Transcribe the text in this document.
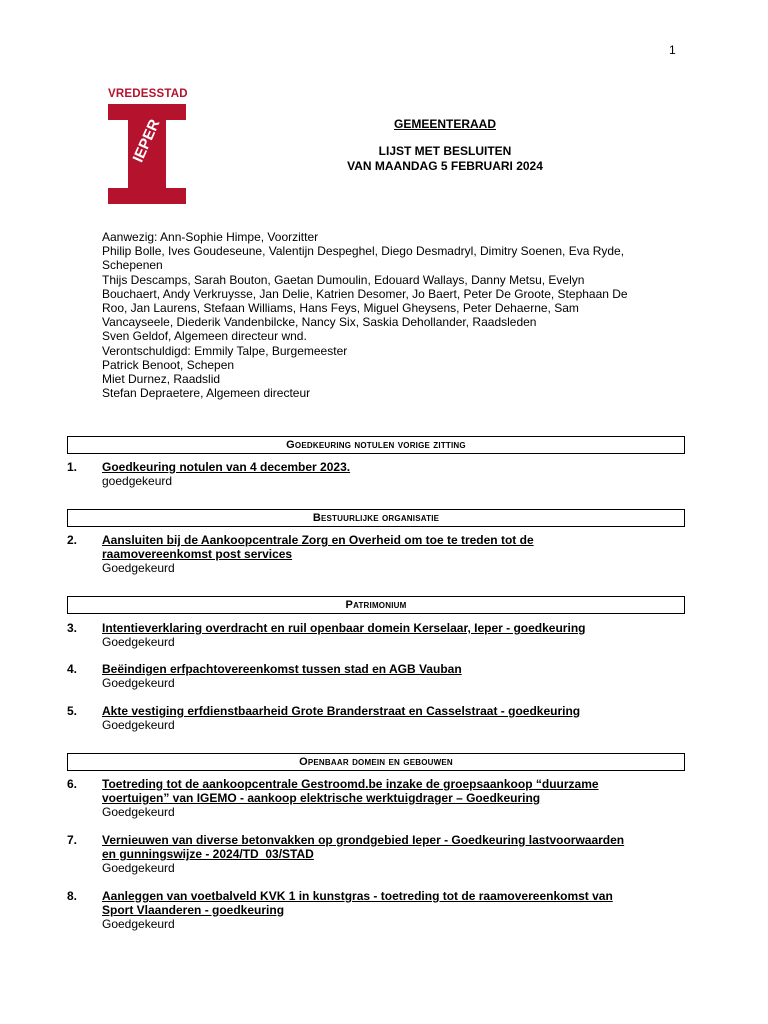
1
VREDESSTAD
IEPER	GEMEENTERAAD
LIJST MET BESLUITEN
VAN MAANDAG 5 FEBRUARI 2024
Aanwezig: Ann-Sophie Himpe, Voorzitter
Philip Bolle, Ives Goudeseune, Valentijn Despeghel, Diego Desmadryl, Dimitry Soenen, Eva Ryde,
Schepenen
Thijs Descamps, Sarah Bouton, Gaetan Dumoulin, Edouard Wallays, Danny Metsu, Evelyn
Bouchaert, Andy Verkruysse, Jan Delie, Katrien Desomer, Jo Baert, Peter De Groote, Stephaan De
Roo, Jan Laurens, Stefaan Williams, Hans Feys, Miguel Gheysens, Peter Dehaerne, Sam
Vancayseele, Diederik Vandenbilcke, Nancy Six, Saskia Dehollander, Raadsleden
Sven Geldof, Algemeen directeur wnd.
Verontschuldigd: Emmily Talpe, Burgemeester
Patrick Benoot, Schepen
Miet Durnez, Raadslid
Stefan Depraetere, Algemeen directeur
Goedkeuring notulen vorige zitting
1. Goedkeuring notulen van 4 december 2023.
goedgekeurd
Bestuurlijke organisatie
2. Aansluiten bij de Aankoopcentrale Zorg en Overheid om toe te treden tot de
raamovereenkomst post services
Goedgekeurd
Patrimonium
3. Intentieverklaring overdracht en ruil openbaar domein Kerselaar, Ieper - goedkeuring
Goedgekeurd
4. Beëindigen erfpachtovereenkomst tussen stad en AGB Vauban
Goedgekeurd
5. Akte vestiging erfdienstbaarheid Grote Branderstraat en Casselstraat - goedkeuring
Goedgekeurd
Openbaar domein en gebouwen
6. Toetreding tot de aankoopcentrale Gestroomd.be inzake de groepsaankoop “duurzame
voertuigen” van IGEMO - aankoop elektrische werktuigdrager – Goedkeuring
Goedgekeurd
7. Vernieuwen van diverse betonvakken op grondgebied Ieper - Goedkeuring lastvoorwaarden
en gunningswijze - 2024/TD_03/STAD
Goedgekeurd
8. Aanleggen van voetbalveld KVK 1 in kunstgras - toetreding tot de raamovereenkomst van
Sport Vlaanderen - goedkeuring
Goedgekeurd
